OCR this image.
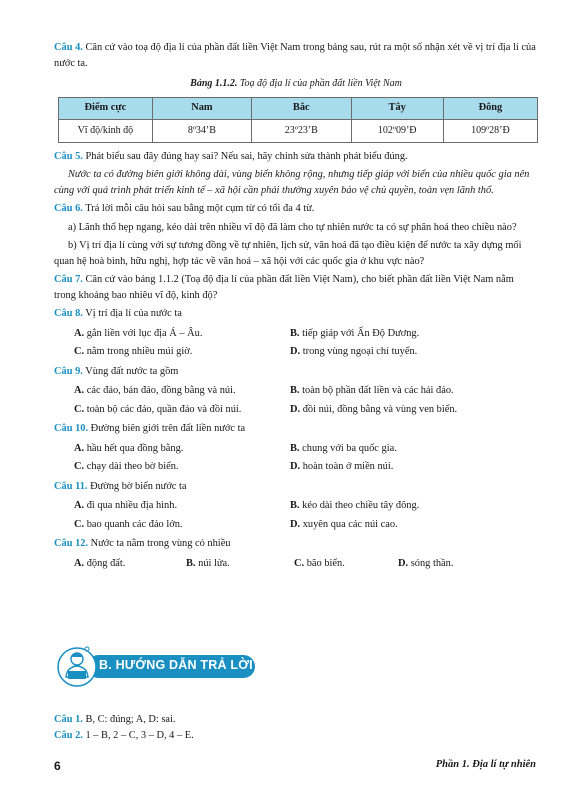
Câu 4. Căn cứ vào toạ độ địa lí của phần đất liền Việt Nam trong bảng sau, rút ra một số nhận xét về vị trí địa lí của nước ta.

Bảng 1.1.2. Toạ độ địa lí của phần đất liền Việt Nam

Điểm cực	Nam	Bắc	Tây	Đông
Vĩ độ/kinh độ	8º34’B	23º23’B	102º09’Đ	109º28’Đ

Câu 5. Phát biểu sau đây đúng hay sai? Nếu sai, hãy chỉnh sửa thành phát biểu đúng.

Nước ta có đường biên giới không dài, vùng biển không rộng, nhưng tiếp giáp với biển của nhiều quốc gia nên cùng với quá trình phát triển kinh tế – xã hội cần phải thường xuyên bảo vệ chủ quyền, toàn vẹn lãnh thổ.

Câu 6. Trả lời mỗi câu hỏi sau bằng một cụm từ có tối đa 4 từ.

a) Lãnh thổ hẹp ngang, kéo dài trên nhiều vĩ độ đã làm cho tự nhiên nước ta có sự phân hoá theo chiều nào?

b) Vị trí địa lí cùng với sự tương đồng về tự nhiên, lịch sử, văn hoá đã tạo điều kiện để nước ta xây dựng mối quan hệ hoà bình, hữu nghị, hợp tác về văn hoá – xã hội với các quốc gia ở khu vực nào?

Câu 7. Căn cứ vào bảng 1.1.2 (Toạ độ địa lí của phần đất liền Việt Nam), cho biết phần đất liền Việt Nam nằm trong khoảng bao nhiêu vĩ độ, kinh độ?

Câu 8. Vị trí địa lí của nước ta

A. gắn liền với lục địa Á – Âu.	B. tiếp giáp với Ấn Độ Dương.
C. nằm trong nhiều múi giờ.	D. trong vùng ngoại chí tuyến.

Câu 9. Vùng đất nước ta gồm

A. các đảo, bán đảo, đồng bằng và núi.	B. toàn bộ phần đất liền và các hải đảo.
C. toàn bộ các đảo, quần đảo và đồi núi.	D. đồi núi, đồng bằng và vùng ven biển.

Câu 10. Đường biên giới trên đất liền nước ta

A. hầu hết qua đồng bằng.	B. chung với ba quốc gia.
C. chạy dài theo bờ biển.	D. hoàn toàn ở miền núi.

Câu 11. Đường bờ biển nước ta

A. đi qua nhiều địa hình.	B. kéo dài theo chiều tây đông.
C. bao quanh các đảo lớn.	D. xuyên qua các núi cao.

Câu 12. Nước ta nằm trong vùng có nhiều

A. động đất.	B. núi lửa.	C. bão biển.	D. sóng thần.
B. HƯỚNG DẪN TRẢ LỜI

Câu 1. B, C: đúng; A, D: sai.

Câu 2. 1 – B, 2 – C, 3 – D, 4 – E.

6	Phần 1. Địa lí tự nhiên
